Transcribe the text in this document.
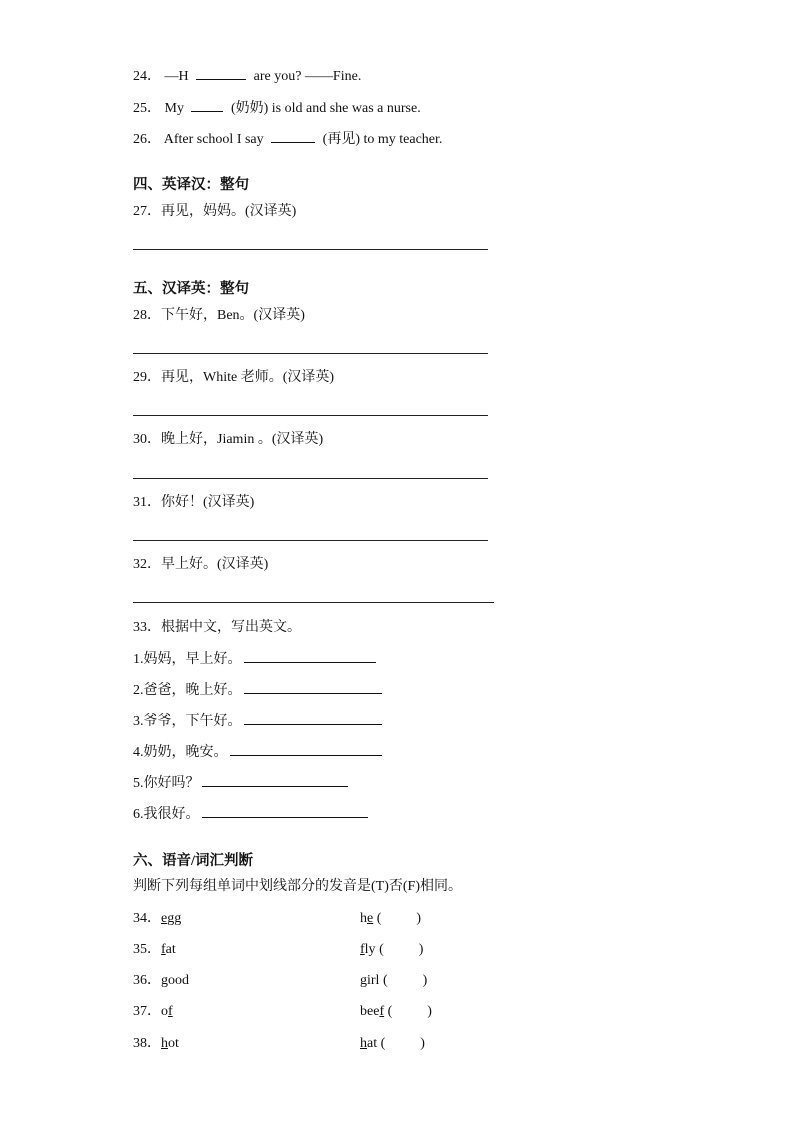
24． —H	are you? ——Fine.
25． My	(奶奶) is old and she was a nurse.
26． After school I say	(再见) to my teacher.
四、英译汉：整句
27．再见，妈妈。(汉译英)
五、汉译英：整句
28．下午好，Ben。(汉译英)
29．再见，White 老师。(汉译英)
30．晚上好，Jiamin 。(汉译英)
31．你好！(汉译英)
32．早上好。(汉译英)
33．根据中文，写出英文。
1.妈妈，早上好。
2.爸爸，晚上好。
3.爷爷，下午好。
4.奶奶，晚安。
5.你好吗？
6.我很好。
六、语音/词汇判断
判断下列每组单词中划线部分的发音是(T)否(F)相同。
34．egg	he (          )
35．fat	fly (          )
36．good	girl (          )
37．of	beef (          )
38．hot	hat (          )
